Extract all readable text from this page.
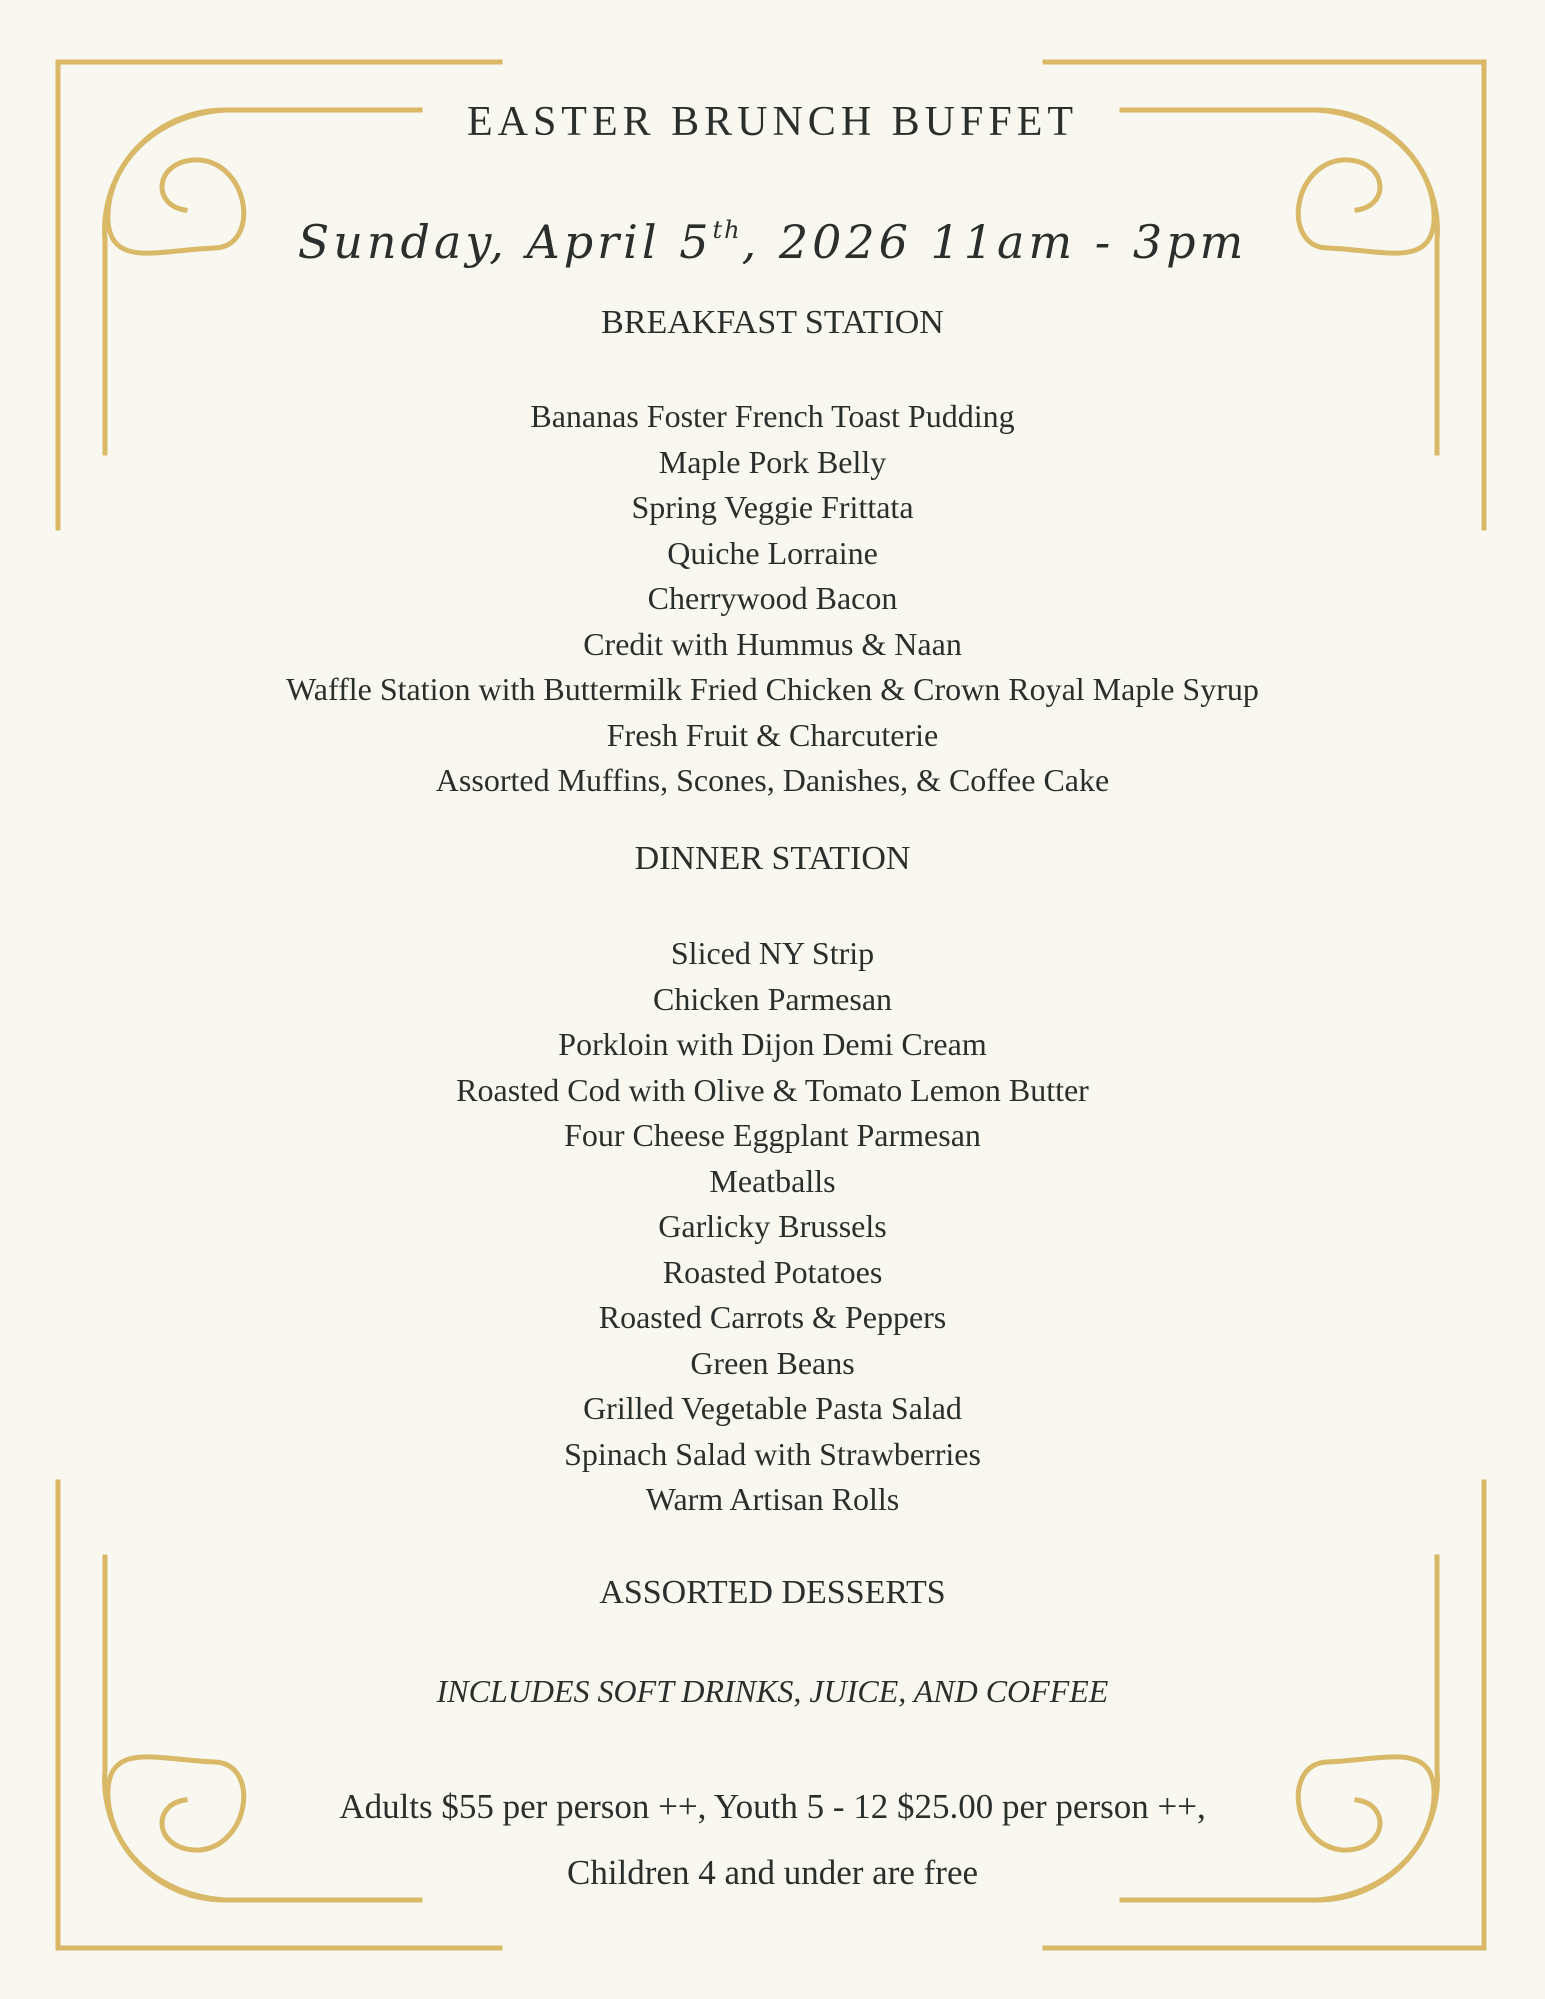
EASTER BRUNCH BUFFET
Sunday, April 5th, 2026 11am - 3pm
BREAKFAST STATION
Bananas Foster French Toast Pudding
Maple Pork Belly
Spring Veggie Frittata
Quiche Lorraine
Cherrywood Bacon
Credit with Hummus & Naan
Waffle Station with Buttermilk Fried Chicken & Crown Royal Maple Syrup
Fresh Fruit & Charcuterie
Assorted Muffins, Scones, Danishes, & Coffee Cake
DINNER STATION
Sliced NY Strip
Chicken Parmesan
Porkloin with Dijon Demi Cream
Roasted Cod with Olive & Tomato Lemon Butter
Four Cheese Eggplant Parmesan
Meatballs
Garlicky Brussels
Roasted Potatoes
Roasted Carrots & Peppers
Green Beans
Grilled Vegetable Pasta Salad
Spinach Salad with Strawberries
Warm Artisan Rolls
ASSORTED DESSERTS
INCLUDES SOFT DRINKS, JUICE, AND COFFEE
Adults $55 per person ++, Youth 5 - 12 $25.00 per person ++,
Children 4 and under are free
